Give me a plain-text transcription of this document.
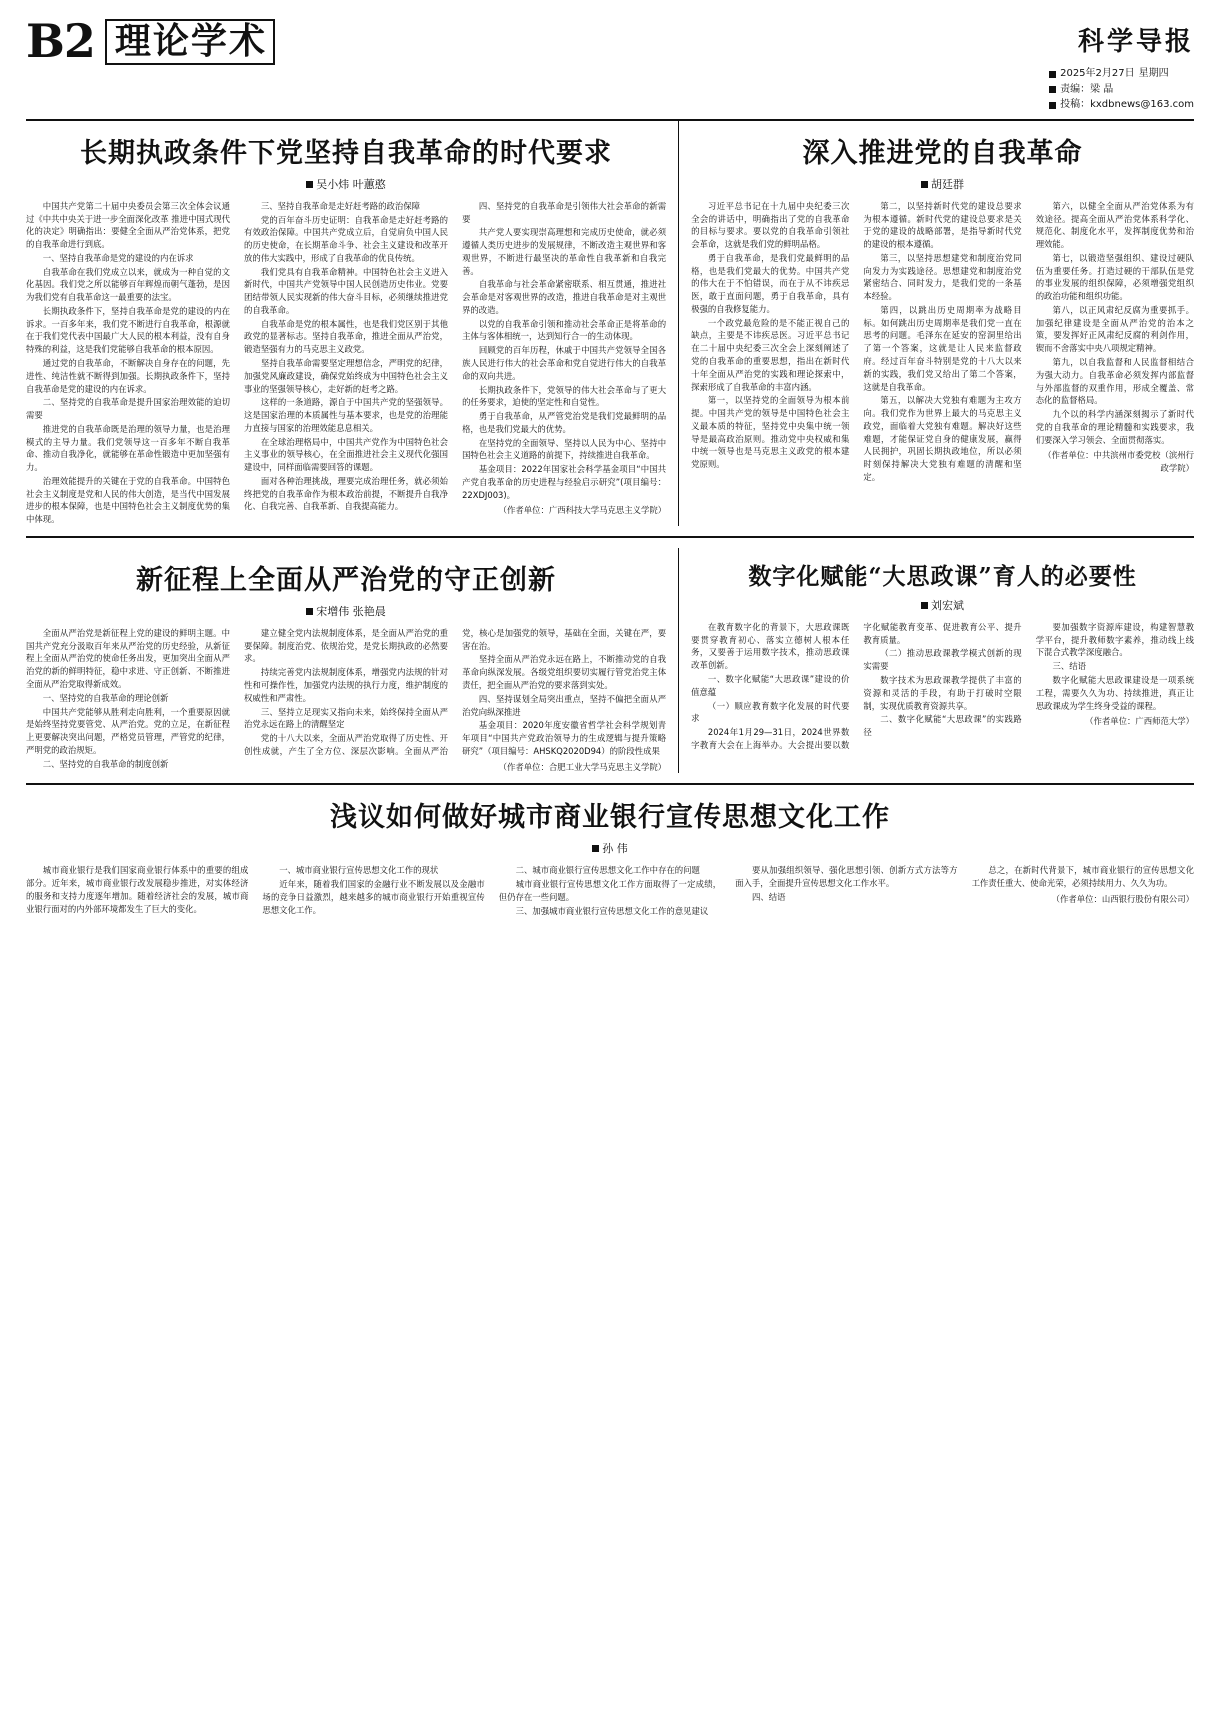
B2 理 论 学 术	科学导报
2025年2月27日 星期四
责编：梁 晶
投稿：kxdbnews@163.com
长期执政条件下党坚持自我革命的时代要求
吴小炜 叶蕙憨

中国共产党第二十届中央委员会第三次全体会议通过《中共中央关于进一步全面深化改革 推进中国式现代化的决定》明确指出：要健全全面从严治党体系，把党的自我革命进行到底。

一、坚持自我革命是党的建设的内在诉求

自我革命在我们党成立以来，就成为一种自觉的文化基因。我们党之所以能够百年辉煌而朝气蓬勃，是因为我们党有自我革命这一最重要的法宝。

长期执政条件下，坚持自我革命是党的建设的内在诉求。一百多年来，我们党不断进行自我革命，根源就在于我们党代表中国最广大人民的根本利益，没有自身特殊的利益，这是我们党能够自我革命的根本原因。

通过党的自我革命，不断解决自身存在的问题，先进性、纯洁性就不断得到加强。长期执政条件下，坚持自我革命是党的建设的内在诉求。

二、坚持党的自我革命是提升国家治理效能的迫切需要

推进党的自我革命既是治理的领导力量，也是治理模式的主导力量。我们党领导这一百多年不断自我革命、推动自我净化，就能够在革命性锻造中更加坚强有力。

治理效能提升的关键在于党的自我革命。中国特色社会主义制度是党和人民的伟大创造，是当代中国发展进步的根本保障，也是中国特色社会主义制度优势的集中体现。

三、坚持自我革命是走好赶考路的政治保障

党的百年奋斗历史证明：自我革命是走好赶考路的有效政治保障。中国共产党成立后，自觉肩负中国人民的历史使命，在长期革命斗争、社会主义建设和改革开放的伟大实践中，形成了自我革命的优良传统。

我们党具有自我革命精神。中国特色社会主义进入新时代，中国共产党领导中国人民创造历史伟业。党要团结带领人民实现新的伟大奋斗目标，必须继续推进党的自我革命。

自我革命是党的根本属性，也是我们党区别于其他政党的显著标志。坚持自我革命，推进全面从严治党，锻造坚强有力的马克思主义政党。

坚持自我革命需要坚定理想信念，严明党的纪律，加强党风廉政建设，确保党始终成为中国特色社会主义事业的坚强领导核心，走好新的赶考之路。

这样的一条道路，源自于中国共产党的坚强领导。这是国家治理的本质属性与基本要求，也是党的治理能力直接与国家的治理效能息息相关。

在全球治理格局中，中国共产党作为中国特色社会主义事业的领导核心，在全面推进社会主义现代化强国建设中，同样面临需要回答的课题。

面对各种治理挑战，理要完成治理任务，就必须始终把党的自我革命作为根本政治前提，不断提升自我净化、自我完善、自我革新、自我提高能力。

四、坚持党的自我革命是引领伟大社会革命的新需要

共产党人要实现崇高理想和完成历史使命，就必须遵循人类历史进步的发展规律，不断改造主观世界和客观世界，不断进行最坚决的革命性自我革新和自我完善。

自我革命与社会革命紧密联系、相互贯通，推进社会革命是对客观世界的改造，推进自我革命是对主观世界的改造。

以党的自我革命引领和推动社会革命正是将革命的主体与客体相统一，达到知行合一的生动体现。

回顾党的百年历程，休戚于中国共产党领导全国各族人民进行伟大的社会革命和党自觉进行伟大的自我革命的双向共进。

长期执政条件下，党领导的伟大社会革命与了更大的任务要求，迫使的坚定性和自觉性。

勇于自我革命，从严管党治党是我们党最鲜明的品格，也是我们党最大的优势。

在坚持党的全面领导、坚持以人民为中心、坚持中国特色社会主义道路的前提下，持续推进自我革命。

基金项目：2022年国家社会科学基金项目“中国共产党自我革命的历史进程与经验启示研究”(项目编号：22XDJ003)。

（作者单位：广西科技大学马克思主义学院）
深入推进党的自我革命
胡廷群

习近平总书记在十九届中央纪委三次全会的讲话中，明确指出了党的自我革命的目标与要求。要以党的自我革命引领社会革命，这就是我们党的鲜明品格。

勇于自我革命，是我们党最鲜明的品格，也是我们党最大的优势。中国共产党的伟大在于不怕错误，而在于从不讳疾忌医，敢于直面问题，勇于自我革命，具有极强的自我修复能力。

一个政党最危险的是不能正视自己的缺点，主要是不讳疾忌医。习近平总书记在二十届中央纪委三次全会上深刻阐述了党的自我革命的重要思想，指出在新时代十年全面从严治党的实践和理论探索中，探索形成了自我革命的丰富内涵。

第一，以坚持党的全面领导为根本前提。中国共产党的领导是中国特色社会主义最本质的特征，坚持党中央集中统一领导是最高政治原则。推动党中央权威和集中统一领导也是马克思主义政党的根本建党原则。

第二，以坚持新时代党的建设总要求为根本遵循。新时代党的建设总要求是关于党的建设的战略部署，是指导新时代党的建设的根本遵循。

第三，以坚持思想建党和制度治党同向发力为实践途径。思想建党和制度治党紧密结合、同时发力，是我们党的一条基本经验。

第四，以跳出历史周期率为战略目标。如何跳出历史周期率是我们党一直在思考的问题。毛泽东在延安的窑洞里给出了第一个答案，这就是让人民来监督政府。经过百年奋斗特别是党的十八大以来新的实践，我们党又给出了第二个答案，这就是自我革命。

第五，以解决大党独有难题为主攻方向。我们党作为世界上最大的马克思主义政党，面临着大党独有难题。解决好这些难题，才能保证党自身的健康发展，赢得人民拥护，巩固长期执政地位，所以必须时刻保持解决大党独有难题的清醒和坚定。

第六，以健全全面从严治党体系为有效途径。提高全面从严治党体系科学化、规范化、制度化水平，发挥制度优势和治理效能。

第七，以锻造坚强组织、建设过硬队伍为重要任务。打造过硬的干部队伍是党的事业发展的组织保障，必须增强党组织的政治功能和组织功能。

第八，以正风肃纪反腐为重要抓手。加强纪律建设是全面从严治党的治本之策，要发挥好正风肃纪反腐的利剑作用，锲而不舍落实中央八项规定精神。

第九，以自我监督和人民监督相结合为强大动力。自我革命必须发挥内部监督与外部监督的双重作用，形成全覆盖、常态化的监督格局。

九个以的科学内涵深刻揭示了新时代党的自我革命的理论精髓和实践要求，我们要深入学习领会、全面贯彻落实。

（作者单位：中共滨州市委党校（滨州行政学院）
新征程上全面从严治党的守正创新
宋增伟 张艳晨

全面从严治党是新征程上党的建设的鲜明主题。中国共产党充分汲取百年来从严治党的历史经验，从新征程上全面从严治党的使命任务出发，更加突出全面从严治党的新的鲜明特征，稳中求进、守正创新、不断推进全面从严治党取得新成效。

一、坚持党的自我革命的理论创新

中国共产党能够从胜利走向胜利，一个重要原因就是始终坚持党要管党、从严治党。党的立足，在新征程上更要解决突出问题，严格党员管理，严管党的纪律，严明党的政治规矩。

二、坚持党的自我革命的制度创新

建立健全党内法规制度体系，是全面从严治党的重要保障。制度治党、依规治党，是党长期执政的必然要求。

持续完善党内法规制度体系，增强党内法规的针对性和可操作性，加强党内法规的执行力度，维护制度的权威性和严肃性。

三、坚持立足现实又指向未来，始终保持全面从严治党永远在路上的清醒坚定

党的十八大以来，全面从严治党取得了历史性、开创性成就，产生了全方位、深层次影响。全面从严治党，核心是加强党的领导，基础在全面，关键在严，要害在治。

坚持全面从严治党永远在路上，不断推动党的自我革命向纵深发展。各级党组织要切实履行管党治党主体责任，把全面从严治党的要求落到实处。

四、坚持谋划全局突出重点，坚持不偏把全面从严治党向纵深推进

基金项目：2020年度安徽省哲学社会科学规划青年项目“中国共产党政治领导力的生成逻辑与提升策略研究”（项目编号：AHSKQ2020D94）的阶段性成果

（作者单位：合肥工业大学马克思主义学院）
数字化赋能“大思政课”育人的必要性
刘宏斌

在教育数字化的背景下，大思政课既要贯穿教育初心、落实立德树人根本任务，又要善于运用数字技术，推动思政课改革创新。

一、数字化赋能“大思政课”建设的价值意蕴

（一）顺应教育数字化发展的时代要求

2024年1月29—31日，2024世界数字教育大会在上海举办。大会提出要以数字化赋能教育变革、促进教育公平、提升教育质量。

（二）推动思政课教学模式创新的现实需要

数字技术为思政课教学提供了丰富的资源和灵活的手段，有助于打破时空限制，实现优质教育资源共享。

二、数字化赋能“大思政课”的实践路径

要加强数字资源库建设，构建智慧教学平台，提升教师数字素养，推动线上线下混合式教学深度融合。

三、结语

数字化赋能大思政课建设是一项系统工程，需要久久为功、持续推进，真正让思政课成为学生终身受益的课程。

（作者单位：广西师范大学）
浅议如何做好城市商业银行宣传思想文化工作
孙 伟

城市商业银行是我们国家商业银行体系中的重要的组成部分。近年来，城市商业银行改发展稳步推进，对实体经济的服务和支持力度逐年增加。随着经济社会的发展，城市商业银行面对的内外部环境都发生了巨大的变化。

一、城市商业银行宣传思想文化工作的现状

近年来，随着我们国家的金融行业不断发展以及金融市场的竞争日益激烈，越来越多的城市商业银行开始重视宣传思想文化工作。

二、城市商业银行宣传思想文化工作中存在的问题

城市商业银行宣传思想文化工作方面取得了一定成绩，但仍存在一些问题。

三、加强城市商业银行宣传思想文化工作的意见建议

要从加强组织领导、强化思想引领、创新方式方法等方面入手，全面提升宣传思想文化工作水平。

四、结语

总之，在新时代背景下，城市商业银行的宣传思想文化工作责任重大、使命光荣，必须持续用力、久久为功。

（作者单位：山西银行股份有限公司）
